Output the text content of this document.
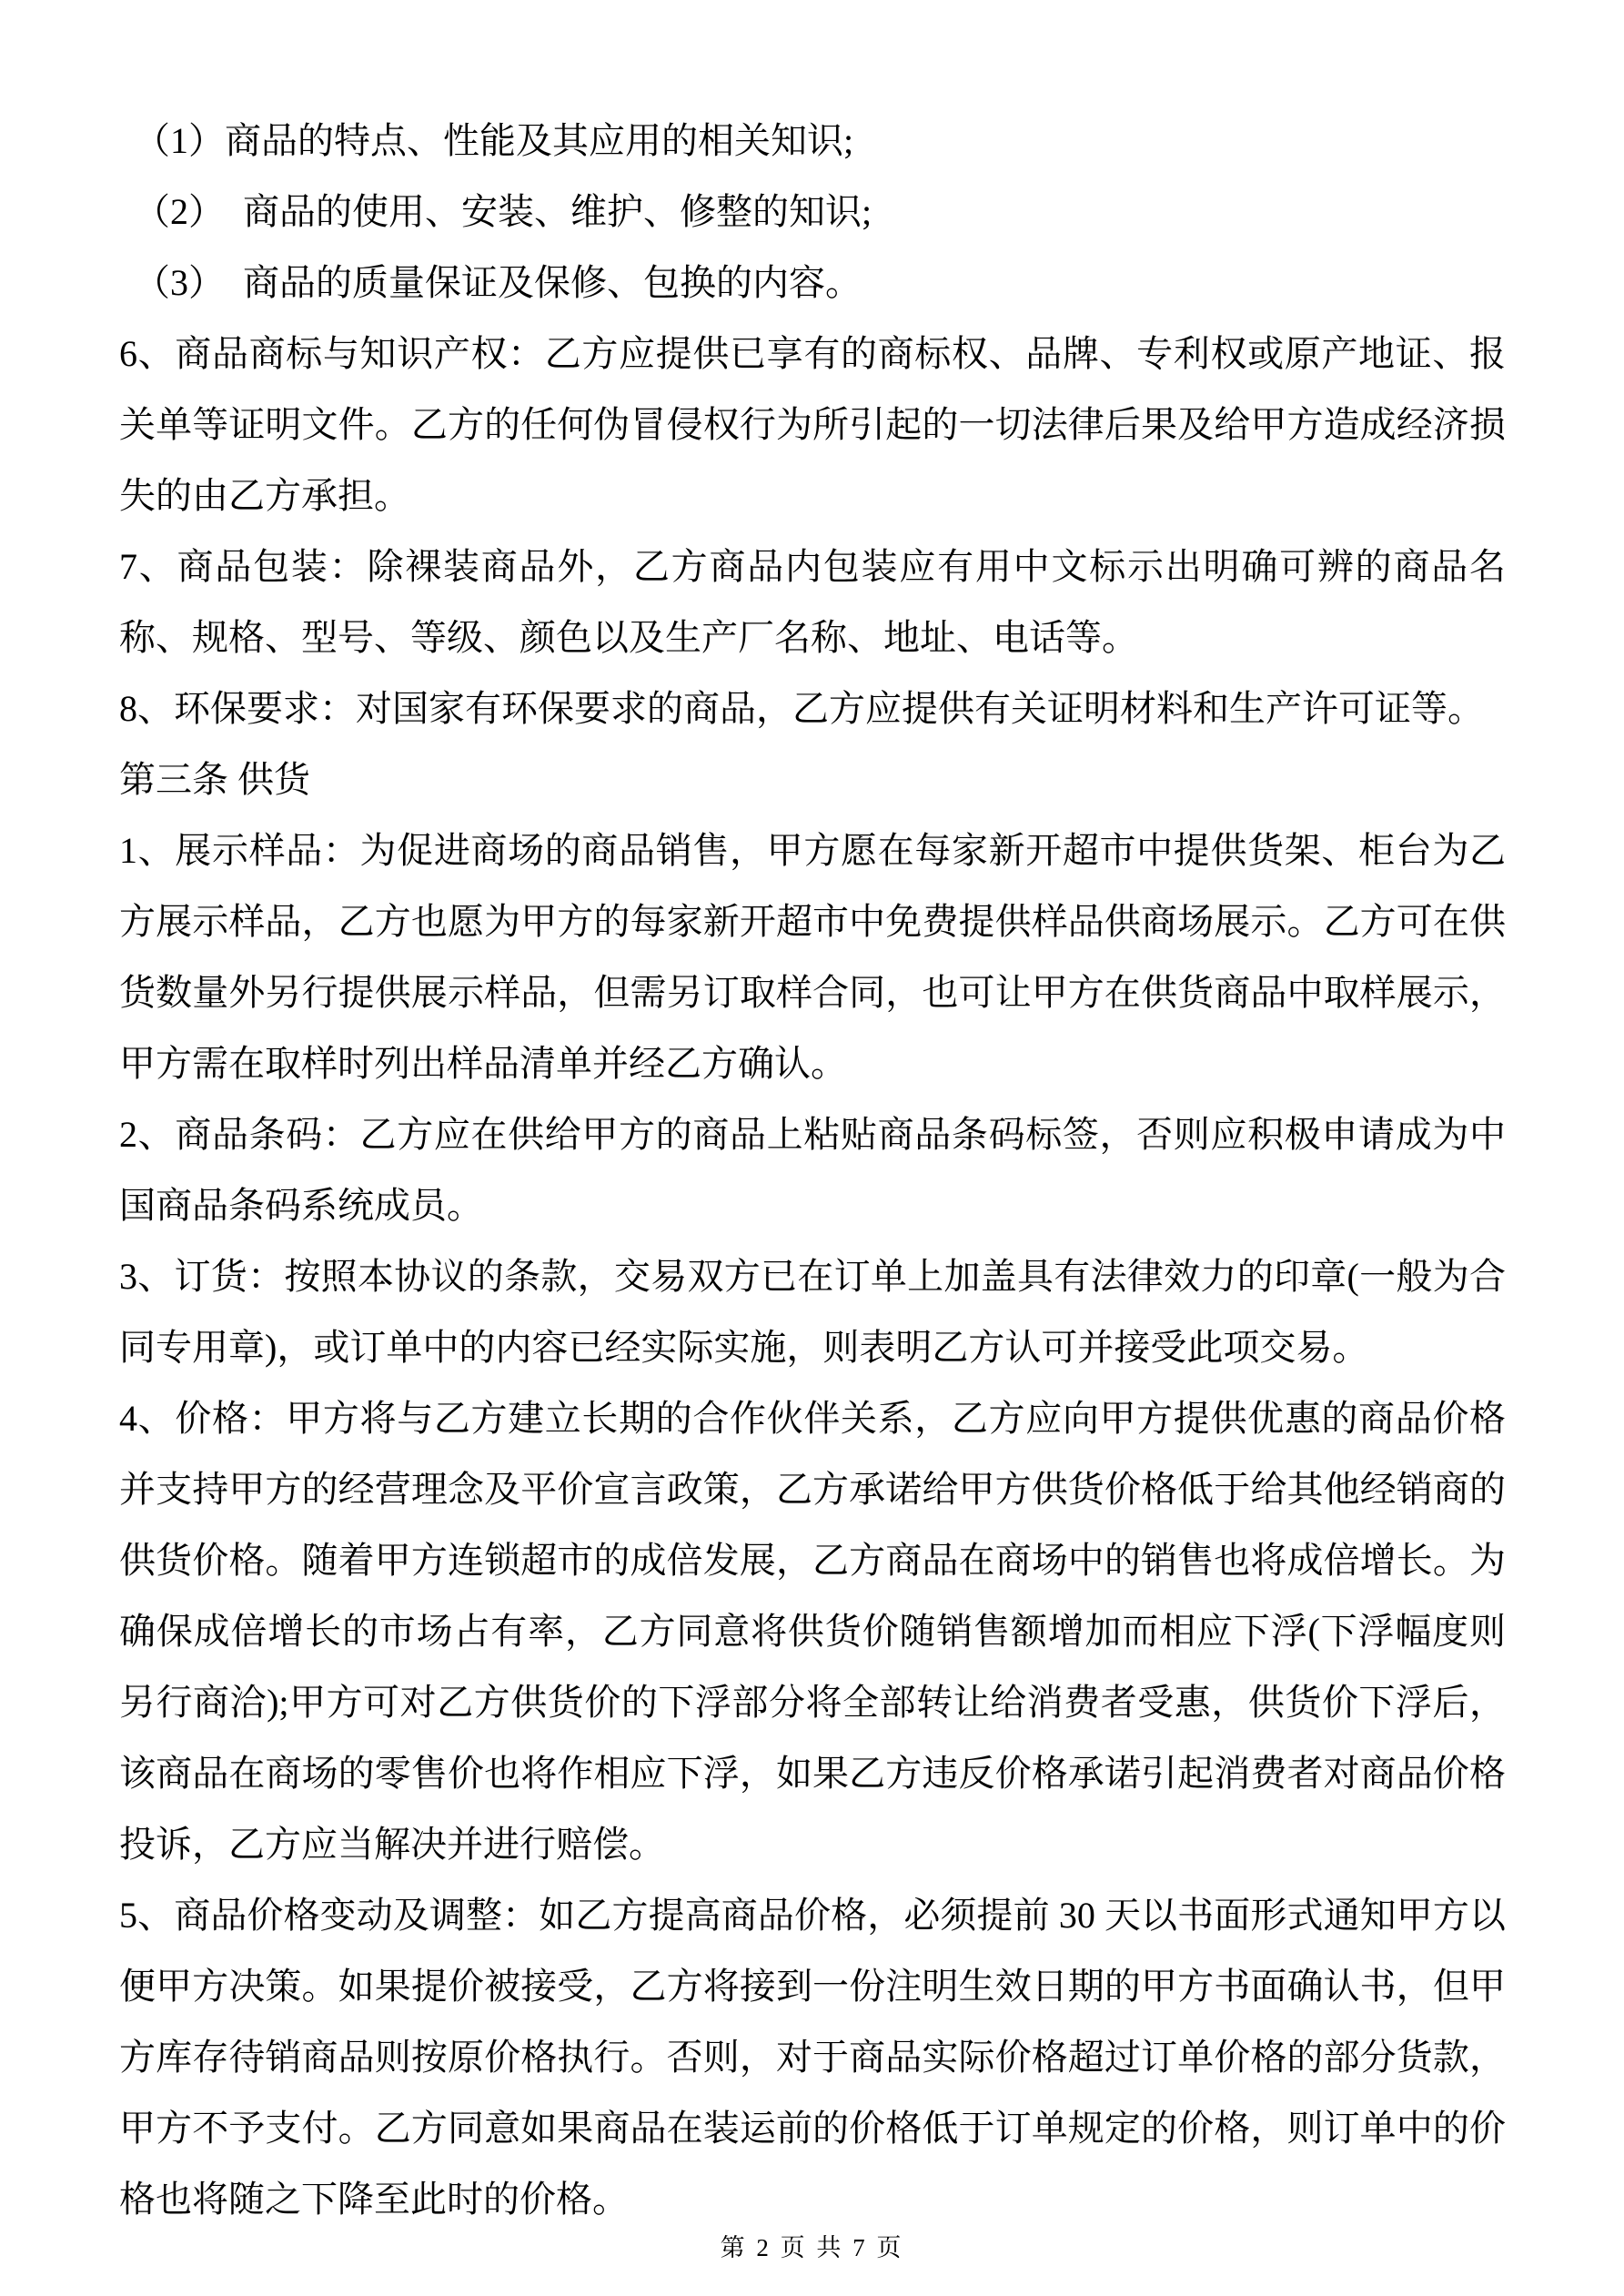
（1）商品的特点、性能及其应用的相关知识;
（2）　商品的使用、安装、维护、修整的知识;
（3）　商品的质量保证及保修、包换的内容。
6、商品商标与知识产权：乙方应提供已享有的商标权、品牌、专利权或原产地证、报关单等证明文件。乙方的任何伪冒侵权行为所引起的一切法律后果及给甲方造成经济损失的由乙方承担。
7、商品包装：除裸装商品外，乙方商品内包装应有用中文标示出明确可辨的商品名称、规格、型号、等级、颜色以及生产厂名称、地址、电话等。
8、环保要求：对国家有环保要求的商品，乙方应提供有关证明材料和生产许可证等。
第三条 供货
1、展示样品：为促进商场的商品销售，甲方愿在每家新开超市中提供货架、柜台为乙方展示样品，乙方也愿为甲方的每家新开超市中免费提供样品供商场展示。乙方可在供货数量外另行提供展示样品，但需另订取样合同，也可让甲方在供货商品中取样展示，甲方需在取样时列出样品清单并经乙方确认。
2、商品条码：乙方应在供给甲方的商品上粘贴商品条码标签，否则应积极申请成为中国商品条码系统成员。
3、订货：按照本协议的条款，交易双方已在订单上加盖具有法律效力的印章(一般为合同专用章)，或订单中的内容已经实际实施，则表明乙方认可并接受此项交易。
4、价格：甲方将与乙方建立长期的合作伙伴关系，乙方应向甲方提供优惠的商品价格并支持甲方的经营理念及平价宣言政策，乙方承诺给甲方供货价格低于给其他经销商的供货价格。随着甲方连锁超市的成倍发展，乙方商品在商场中的销售也将成倍增长。为确保成倍增长的市场占有率，乙方同意将供货价随销售额增加而相应下浮(下浮幅度则另行商洽);甲方可对乙方供货价的下浮部分将全部转让给消费者受惠，供货价下浮后，该商品在商场的零售价也将作相应下浮，如果乙方违反价格承诺引起消费者对商品价格投诉，乙方应当解决并进行赔偿。
5、商品价格变动及调整：如乙方提高商品价格，必须提前 30 天以书面形式通知甲方以便甲方决策。如果提价被接受，乙方将接到一份注明生效日期的甲方书面确认书，但甲方库存待销商品则按原价格执行。否则，对于商品实际价格超过订单价格的部分货款，甲方不予支付。乙方同意如果商品在装运前的价格低于订单规定的价格，则订单中的价格也将随之下降至此时的价格。
第 2 页 共 7 页
